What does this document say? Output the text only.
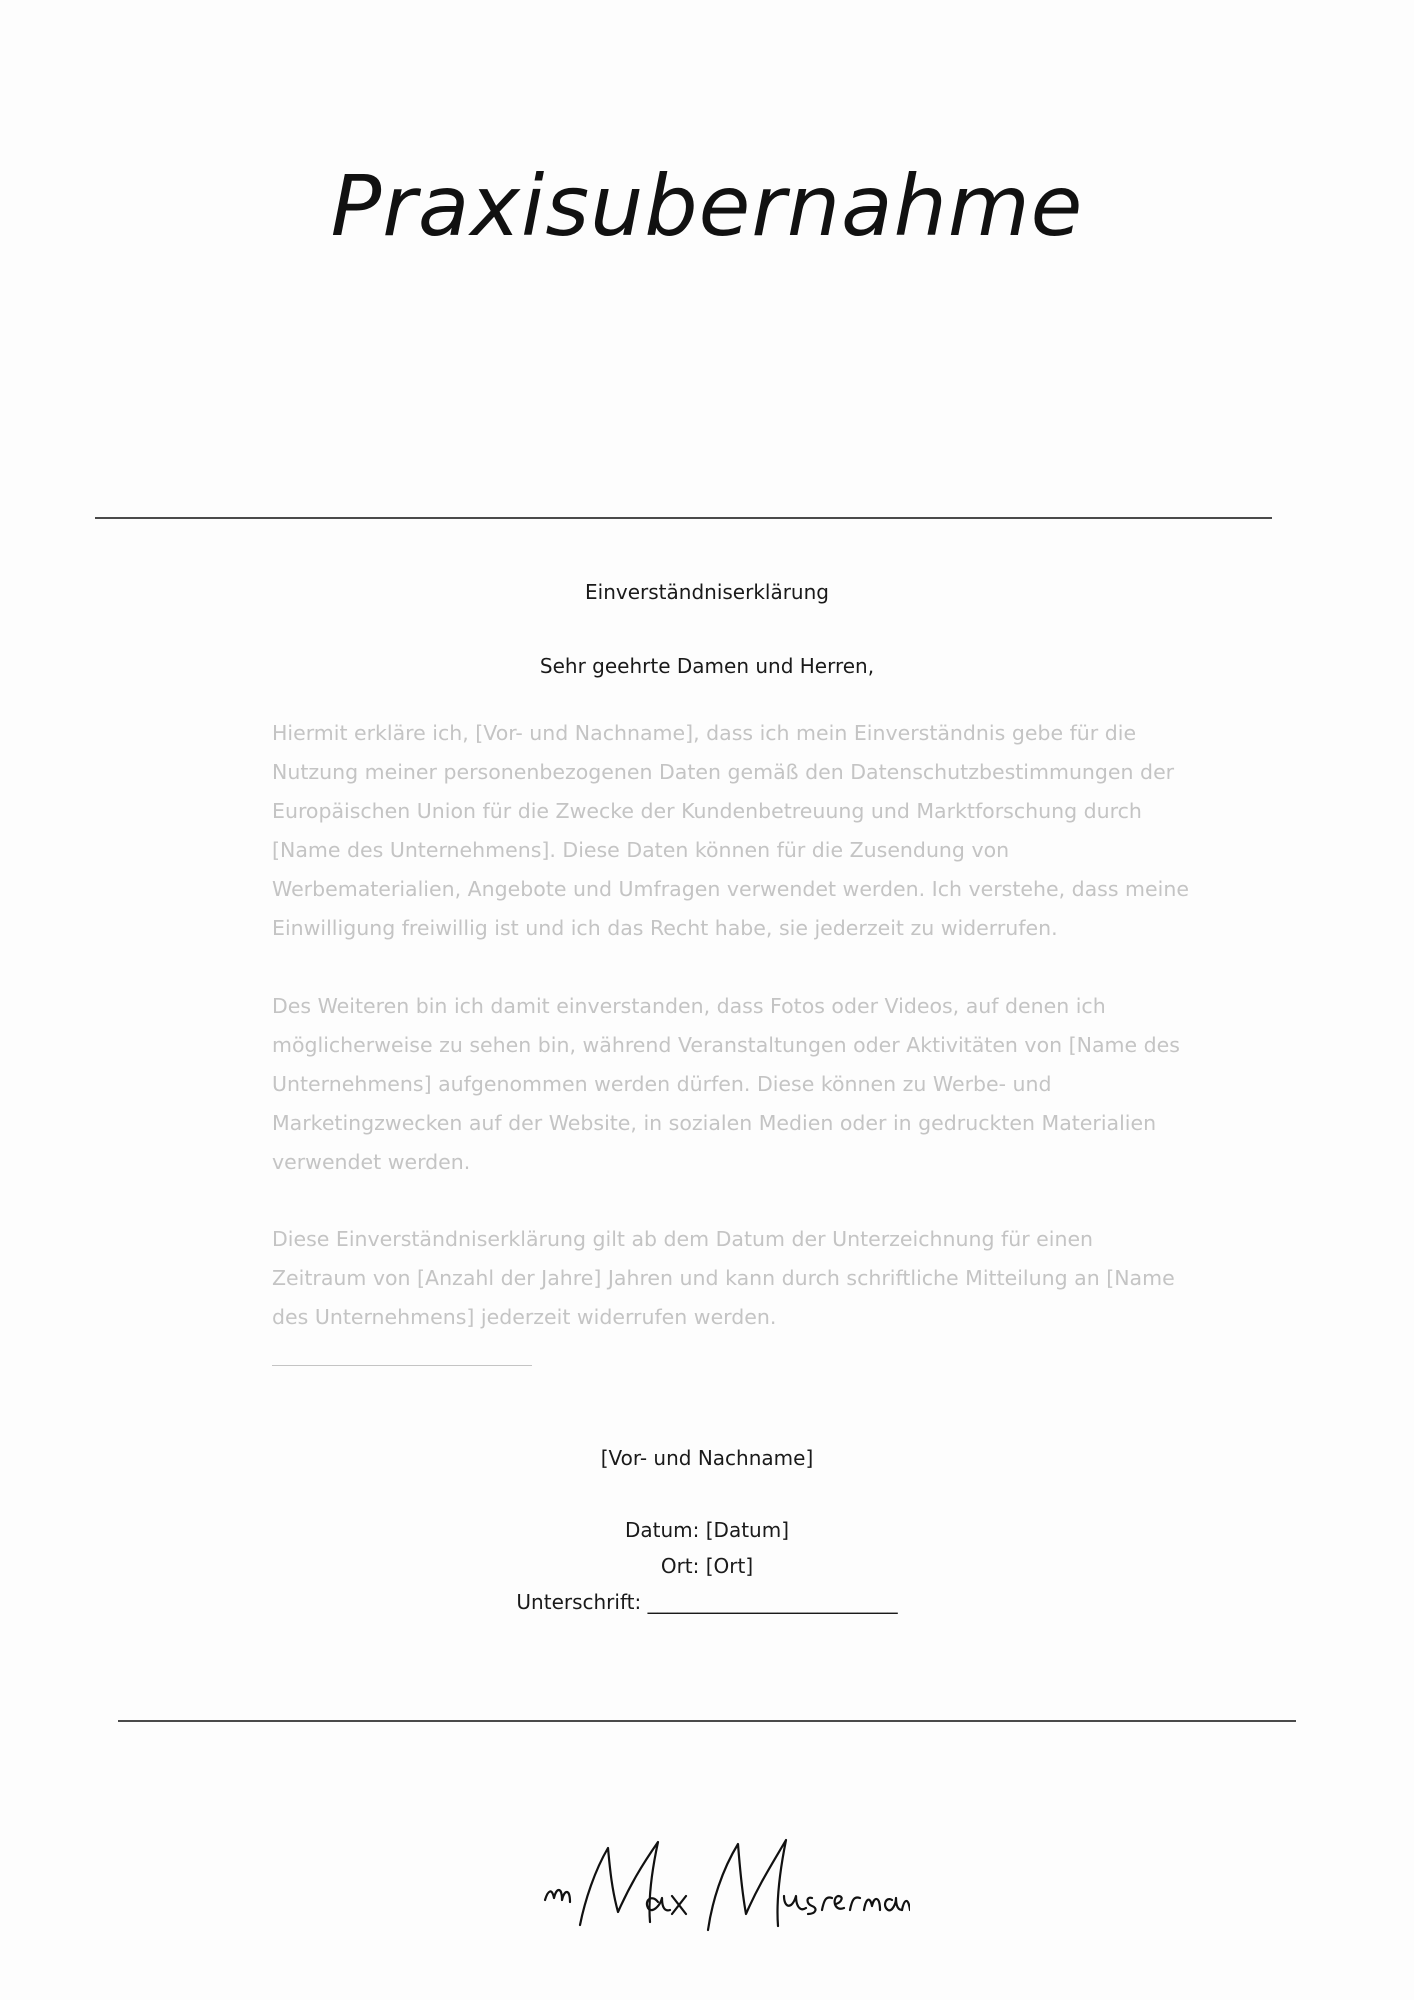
Praxisubernahme
Einverständniserklärung
Sehr geehrte Damen und Herren,
Hiermit erkläre ich, [Vor- und Nachname], dass ich mein Einverständnis gebe für die Nutzung meiner personenbezogenen Daten gemäß den Datenschutzbestimmungen der Europäischen Union für die Zwecke der Kundenbetreuung und Marktforschung durch [Name des Unternehmens]. Diese Daten können für die Zusendung von Werbematerialien, Angebote und Umfragen verwendet werden. Ich verstehe, dass meine Einwilligung freiwillig ist und ich das Recht habe, sie jederzeit zu widerrufen.
Des Weiteren bin ich damit einverstanden, dass Fotos oder Videos, auf denen ich möglicherweise zu sehen bin, während Veranstaltungen oder Aktivitäten von [Name des Unternehmens] aufgenommen werden dürfen. Diese können zu Werbe- und Marketingzwecken auf der Website, in sozialen Medien oder in gedruckten Materialien verwendet werden.
Diese Einverständniserklärung gilt ab dem Datum der Unterzeichnung für einen Zeitraum von [Anzahl der Jahre] Jahren und kann durch schriftliche Mitteilung an [Name des Unternehmens] jederzeit widerrufen werden.
[Vor- und Nachname]
Datum: [Datum]
Ort: [Ort]
Unterschrift: _________________________
